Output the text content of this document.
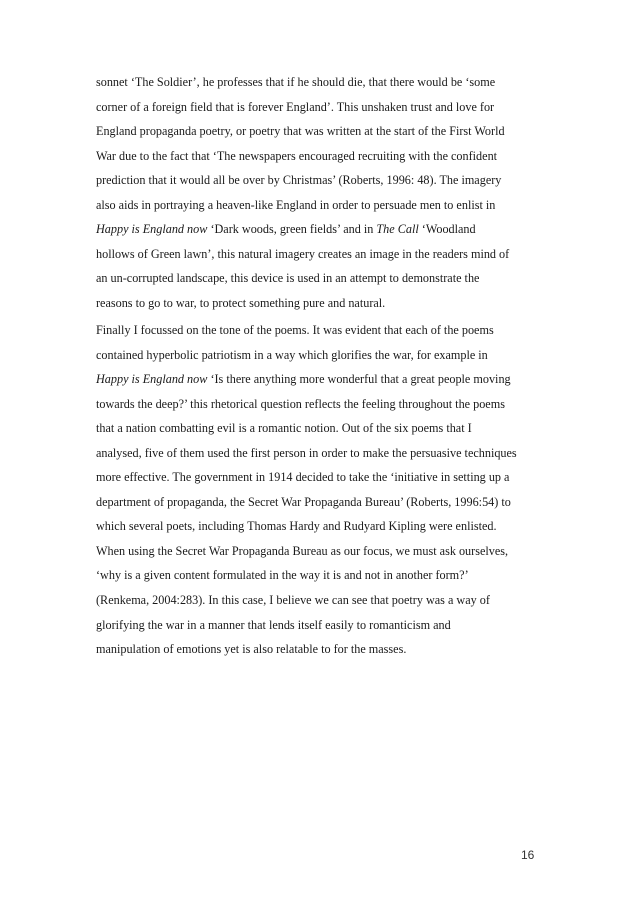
sonnet ‘The Soldier’, he professes that if he should die, that there would be ‘some
corner of a foreign field that is forever England’. This unshaken trust and love for
England propaganda poetry, or poetry that was written at the start of the First World
War due to the fact that ‘The newspapers encouraged recruiting with the confident
prediction that it would all be over by Christmas’ (Roberts, 1996: 48). The imagery
also aids in portraying a heaven-like England in order to persuade men to enlist in
Happy is England now ‘Dark woods, green fields’ and in The Call ‘Woodland
hollows of Green lawn’, this natural imagery creates an image in the readers mind of
an un-corrupted landscape, this device is used in an attempt to demonstrate the
reasons to go to war, to protect something pure and natural.
Finally I focussed on the tone of the poems. It was evident that each of the poems
contained hyperbolic patriotism in a way which glorifies the war, for example in
Happy is England now ‘Is there anything more wonderful that a great people moving
towards the deep?’ this rhetorical question reflects the feeling throughout the poems
that a nation combatting evil is a romantic notion. Out of the six poems that I
analysed, five of them used the first person in order to make the persuasive techniques
more effective. The government in 1914 decided to take the ‘initiative in setting up a
department of propaganda, the Secret War Propaganda Bureau’ (Roberts, 1996:54) to
which several poets, including Thomas Hardy and Rudyard Kipling were enlisted.
When using the Secret War Propaganda Bureau as our focus, we must ask ourselves,
‘why is a given content formulated in the way it is and not in another form?’
(Renkema, 2004:283). In this case, I believe we can see that poetry was a way of
glorifying the war in a manner that lends itself easily to romanticism and
manipulation of emotions yet is also relatable to for the masses.
16
